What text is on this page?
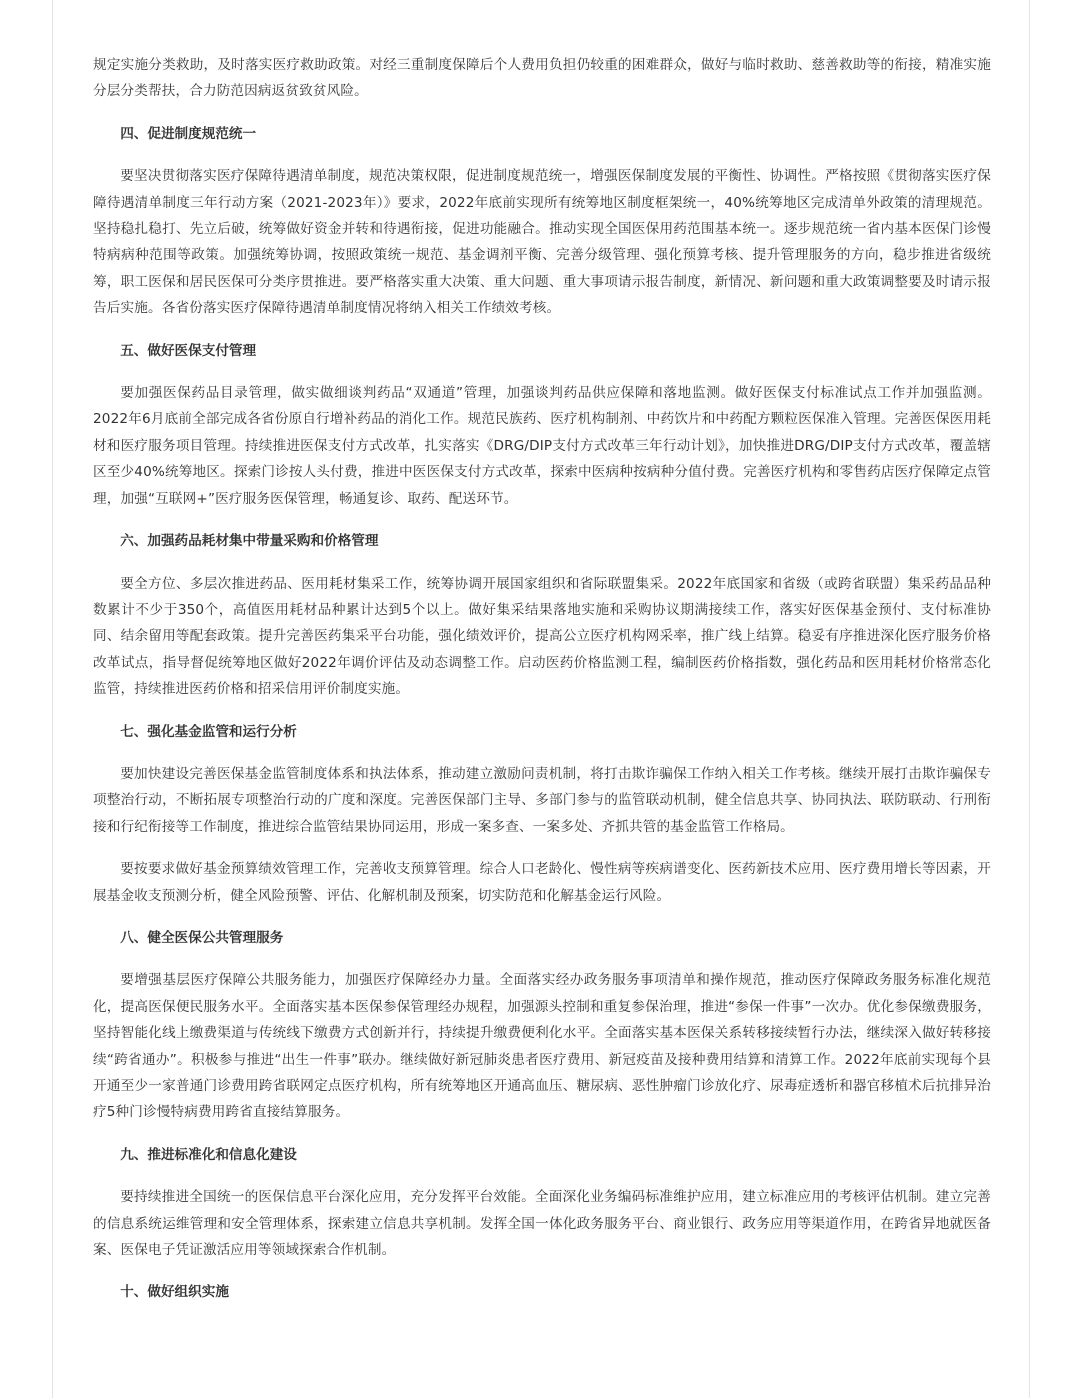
规定实施分类救助，及时落实医疗救助政策。对经三重制度保障后个人费用负担仍较重的困难群众，做好与临时救助、慈善救助等的衔接，精准实施分层分类帮扶，合力防范因病返贫致贫风险。

四、促进制度规范统一

要坚决贯彻落实医疗保障待遇清单制度，规范决策权限，促进制度规范统一，增强医保制度发展的平衡性、协调性。严格按照《贯彻落实医疗保障待遇清单制度三年行动方案（2021-2023年）》要求，2022年底前实现所有统筹地区制度框架统一，40%统筹地区完成清单外政策的清理规范。坚持稳扎稳打、先立后破，统筹做好资金并转和待遇衔接，促进功能融合。推动实现全国医保用药范围基本统一。逐步规范统一省内基本医保门诊慢特病病种范围等政策。加强统筹协调，按照政策统一规范、基金调剂平衡、完善分级管理、强化预算考核、提升管理服务的方向，稳步推进省级统筹，职工医保和居民医保可分类序贯推进。要严格落实重大决策、重大问题、重大事项请示报告制度，新情况、新问题和重大政策调整要及时请示报告后实施。各省份落实医疗保障待遇清单制度情况将纳入相关工作绩效考核。

五、做好医保支付管理

要加强医保药品目录管理，做实做细谈判药品“双通道”管理，加强谈判药品供应保障和落地监测。做好医保支付标准试点工作并加强监测。2022年6月底前全部完成各省份原自行增补药品的消化工作。规范民族药、医疗机构制剂、中药饮片和中药配方颗粒医保准入管理。完善医保医用耗材和医疗服务项目管理。持续推进医保支付方式改革，扎实落实《DRG/DIP支付方式改革三年行动计划》，加快推进DRG/DIP支付方式改革，覆盖辖区至少40%统筹地区。探索门诊按人头付费，推进中医医保支付方式改革，探索中医病种按病种分值付费。完善医疗机构和零售药店医疗保障定点管理，加强“互联网+”医疗服务医保管理，畅通复诊、取药、配送环节。

六、加强药品耗材集中带量采购和价格管理

要全方位、多层次推进药品、医用耗材集采工作，统筹协调开展国家组织和省际联盟集采。2022年底国家和省级（或跨省联盟）集采药品品种数累计不少于350个，高值医用耗材品种累计达到5个以上。做好集采结果落地实施和采购协议期满接续工作，落实好医保基金预付、支付标准协同、结余留用等配套政策。提升完善医药集采平台功能，强化绩效评价，提高公立医疗机构网采率，推广线上结算。稳妥有序推进深化医疗服务价格改革试点，指导督促统筹地区做好2022年调价评估及动态调整工作。启动医药价格监测工程，编制医药价格指数，强化药品和医用耗材价格常态化监管，持续推进医药价格和招采信用评价制度实施。

七、强化基金监管和运行分析

要加快建设完善医保基金监管制度体系和执法体系，推动建立激励问责机制，将打击欺诈骗保工作纳入相关工作考核。继续开展打击欺诈骗保专项整治行动，不断拓展专项整治行动的广度和深度。完善医保部门主导、多部门参与的监管联动机制，健全信息共享、协同执法、联防联动、行刑衔接和行纪衔接等工作制度，推进综合监管结果协同运用，形成一案多查、一案多处、齐抓共管的基金监管工作格局。

要按要求做好基金预算绩效管理工作，完善收支预算管理。综合人口老龄化、慢性病等疾病谱变化、医药新技术应用、医疗费用增长等因素，开展基金收支预测分析，健全风险预警、评估、化解机制及预案，切实防范和化解基金运行风险。

八、健全医保公共管理服务

要增强基层医疗保障公共服务能力，加强医疗保障经办力量。全面落实经办政务服务事项清单和操作规范，推动医疗保障政务服务标准化规范化，提高医保便民服务水平。全面落实基本医保参保管理经办规程，加强源头控制和重复参保治理，推进“参保一件事”一次办。优化参保缴费服务，坚持智能化线上缴费渠道与传统线下缴费方式创新并行，持续提升缴费便利化水平。全面落实基本医保关系转移接续暂行办法，继续深入做好转移接续“跨省通办”。积极参与推进“出生一件事”联办。继续做好新冠肺炎患者医疗费用、新冠疫苗及接种费用结算和清算工作。2022年底前实现每个县开通至少一家普通门诊费用跨省联网定点医疗机构，所有统筹地区开通高血压、糖尿病、恶性肿瘤门诊放化疗、尿毒症透析和器官移植术后抗排异治疗5种门诊慢特病费用跨省直接结算服务。

九、推进标准化和信息化建设

要持续推进全国统一的医保信息平台深化应用，充分发挥平台效能。全面深化业务编码标准维护应用，建立标准应用的考核评估机制。建立完善的信息系统运维管理和安全管理体系，探索建立信息共享机制。发挥全国一体化政务服务平台、商业银行、政务应用等渠道作用，在跨省异地就医备案、医保电子凭证激活应用等领域探索合作机制。

十、做好组织实施
